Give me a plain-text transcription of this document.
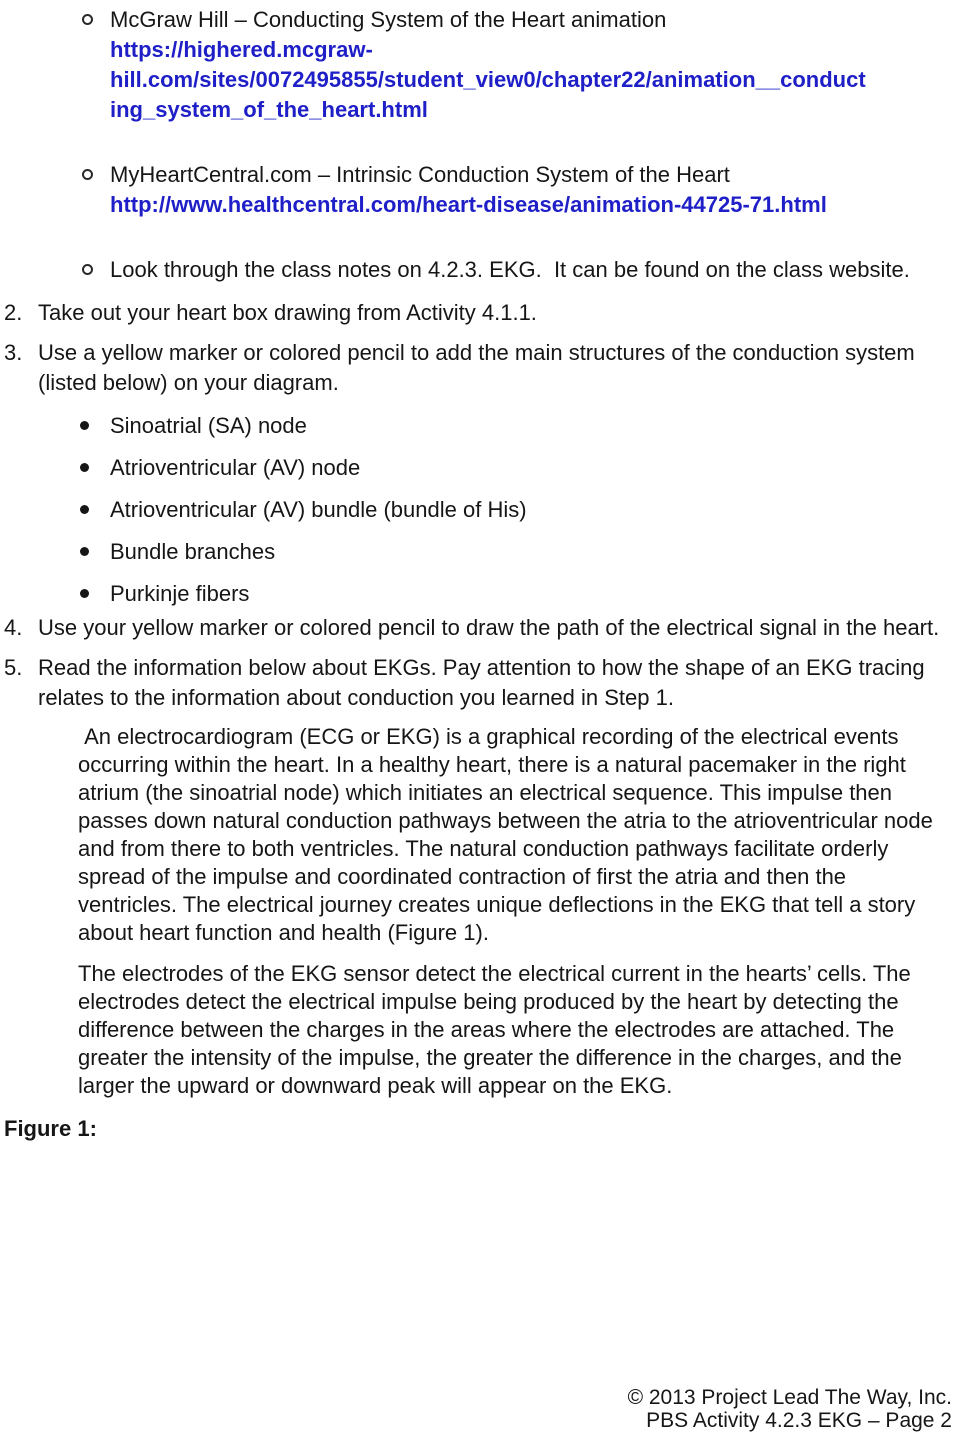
McGraw Hill – Conducting System of the Heart animation
https://highered.mcgraw-
hill.com/sites/0072495855/student_view0/chapter22/animation__conduct
ing_system_of_the_heart.html
MyHeartCentral.com – Intrinsic Conduction System of the Heart
http://www.healthcentral.com/heart-disease/animation-44725-71.html
Look through the class notes on 4.2.3. EKG.  It can be found on the class website.
2. Take out your heart box drawing from Activity 4.1.1.
3. Use a yellow marker or colored pencil to add the main structures of the conduction system (listed below) on your diagram.
Sinoatrial (SA) node
Atrioventricular (AV) node
Atrioventricular (AV) bundle (bundle of His)
Bundle branches
Purkinje fibers
4. Use your yellow marker or colored pencil to draw the path of the electrical signal in the heart.
5. Read the information below about EKGs. Pay attention to how the shape of an EKG tracing relates to the information about conduction you learned in Step 1.

An electrocardiogram (ECG or EKG) is a graphical recording of the electrical events occurring within the heart. In a healthy heart, there is a natural pacemaker in the right atrium (the sinoatrial node) which initiates an electrical sequence. This impulse then passes down natural conduction pathways between the atria to the atrioventricular node and from there to both ventricles. The natural conduction pathways facilitate orderly spread of the impulse and coordinated contraction of first the atria and then the ventricles. The electrical journey creates unique deflections in the EKG that tell a story about heart function and health (Figure 1).

The electrodes of the EKG sensor detect the electrical current in the hearts’ cells. The electrodes detect the electrical impulse being produced by the heart by detecting the difference between the charges in the areas where the electrodes are attached. The greater the intensity of the impulse, the greater the difference in the charges, and the larger the upward or downward peak will appear on the EKG.

Figure 1:
© 2013 Project Lead The Way, Inc.
PBS Activity 4.2.3 EKG – Page 2
